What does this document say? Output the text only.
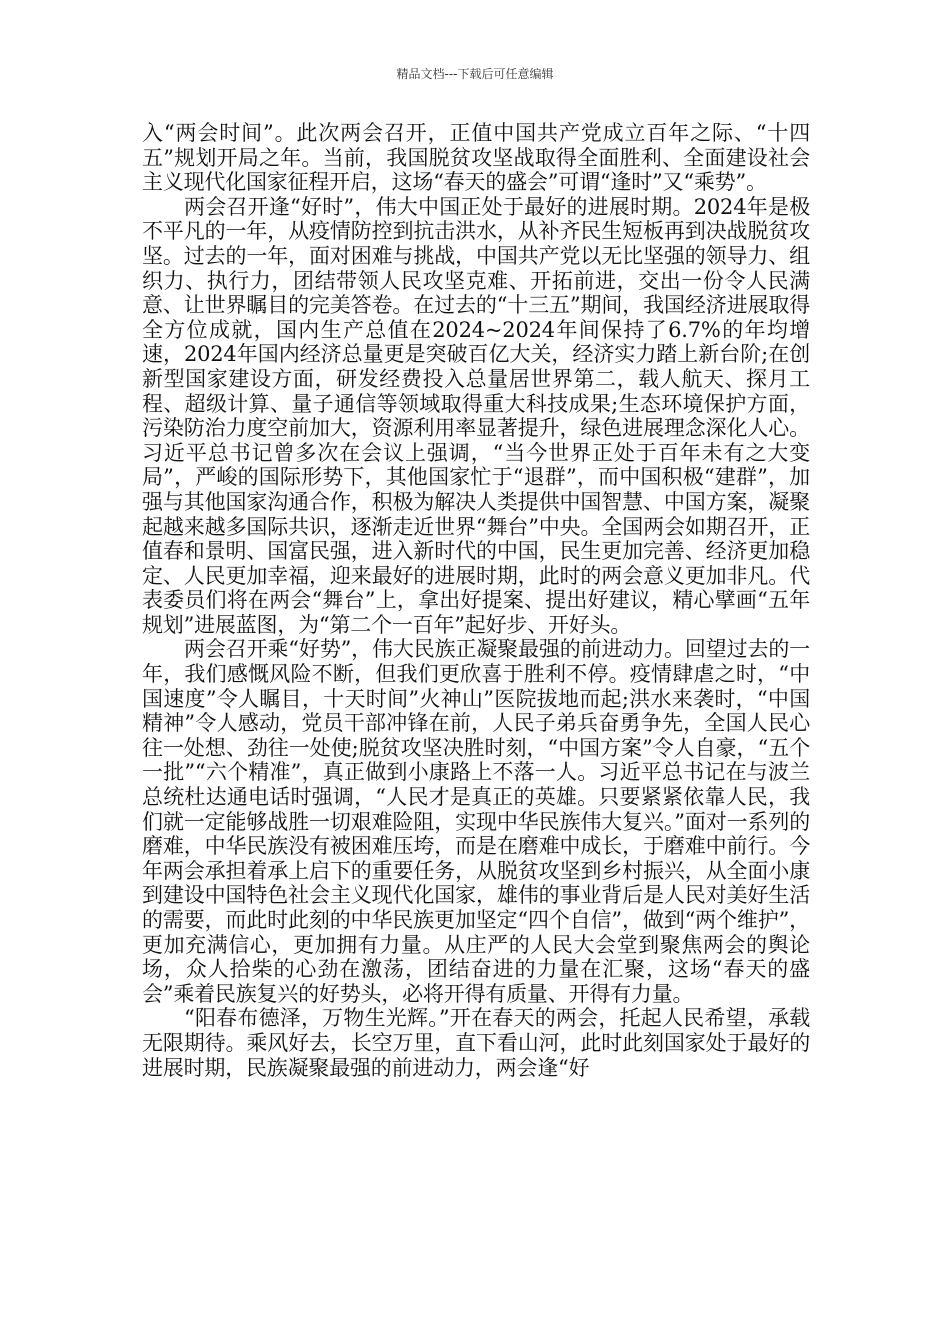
精品文档---下载后可任意编辑

入“两会时间”。此次两会召开，正值中国共产党成立百年之际、“十四五”规划开局之年。当前，我国脱贫攻坚战取得全面胜利、全面建设社会主义现代化国家征程开启，这场“春天的盛会”可谓“逢时”又“乘势”。

两会召开逢“好时”，伟大中国正处于最好的进展时期。2024年是极不平凡的一年，从疫情防控到抗击洪水，从补齐民生短板再到决战脱贫攻坚。过去的一年，面对困难与挑战，中国共产党以无比坚强的领导力、组织力、执行力，团结带领人民攻坚克难、开拓前进，交出一份令人民满意、让世界瞩目的完美答卷。在过去的“十三五”期间，我国经济进展取得全方位成就，国内生产总值在2024~2024年间保持了6.7%的年均增速，2024年国内经济总量更是突破百亿大关，经济实力踏上新台阶;在创新型国家建设方面，研发经费投入总量居世界第二，载人航天、探月工程、超级计算、量子通信等领域取得重大科技成果;生态环境保护方面，污染防治力度空前加大，资源利用率显著提升，绿色进展理念深化人心。习近平总书记曾多次在会议上强调，“当今世界正处于百年未有之大变局”，严峻的国际形势下，其他国家忙于“退群”，而中国积极“建群”，加强与其他国家沟通合作，积极为解决人类提供中国智慧、中国方案，凝聚起越来越多国际共识，逐渐走近世界“舞台”中央。全国两会如期召开，正值春和景明、国富民强，进入新时代的中国，民生更加完善、经济更加稳定、人民更加幸福，迎来最好的进展时期，此时的两会意义更加非凡。代表委员们将在两会“舞台”上，拿出好提案、提出好建议，精心擘画“五年规划”进展蓝图，为“第二个一百年”起好步、开好头。

两会召开乘“好势”，伟大民族正凝聚最强的前进动力。回望过去的一年，我们感慨风险不断，但我们更欣喜于胜利不停。疫情肆虐之时，“中国速度”令人瞩目，十天时间”火神山”医院拔地而起;洪水来袭时，“中国精神”令人感动，党员干部冲锋在前，人民子弟兵奋勇争先，全国人民心往一处想、劲往一处使;脱贫攻坚决胜时刻，“中国方案”令人自豪，“五个一批”“六个精准”，真正做到小康路上不落一人。习近平总书记在与波兰总统杜达通电话时强调，“人民才是真正的英雄。只要紧紧依靠人民，我们就一定能够战胜一切艰难险阻，实现中华民族伟大复兴。”面对一系列的磨难，中华民族没有被困难压垮，而是在磨难中成长，于磨难中前行。今年两会承担着承上启下的重要任务，从脱贫攻坚到乡村振兴，从全面小康到建设中国特色社会主义现代化国家，雄伟的事业背后是人民对美好生活的需要，而此时此刻的中华民族更加坚定“四个自信”，做到“两个维护”，更加充满信心，更加拥有力量。从庄严的人民大会堂到聚焦两会的舆论场，众人拾柴的心劲在激荡，团结奋进的力量在汇聚，这场“春天的盛会”乘着民族复兴的好势头，必将开得有质量、开得有力量。

“阳春布德泽，万物生光辉。”开在春天的两会，托起人民希望，承载无限期待。乘风好去，长空万里，直下看山河，此时此刻国家处于最好的进展时期，民族凝聚最强的前进动力，两会逢“好
